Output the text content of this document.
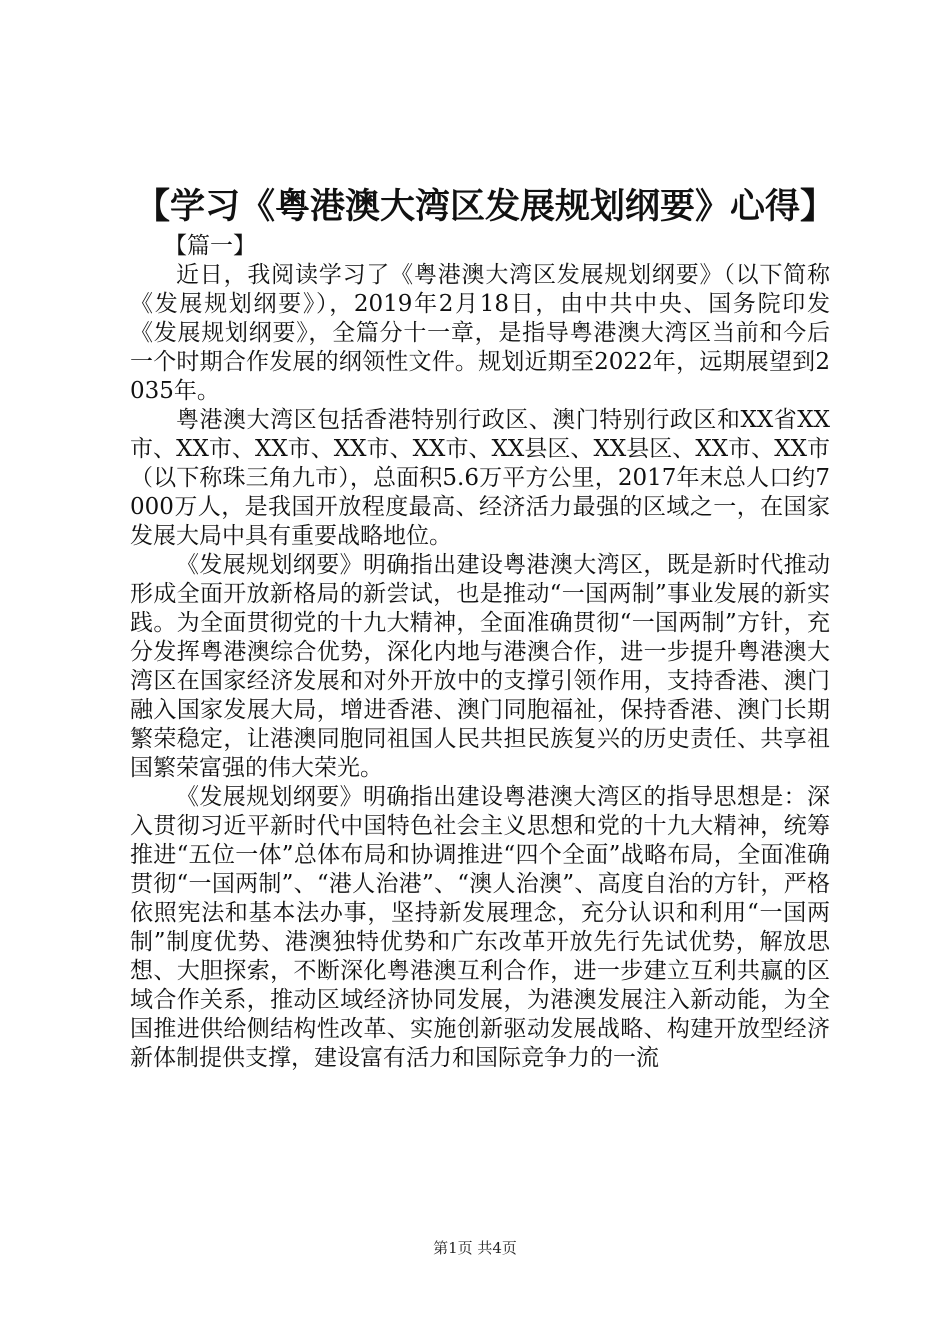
【学习《粤港澳大湾区发展规划纲要》心得】

【篇一】

近日，我阅读学习了《粤港澳大湾区发展规划纲要》（以下简称《发展规划纲要》），2019年2月18日，由中共中央、国务院印发《发展规划纲要》，全篇分十一章，是指导粤港澳大湾区当前和今后一个时期合作发展的纲领性文件。规划近期至2022年，远期展望到2035年。

粤港澳大湾区包括香港特别行政区、澳门特别行政区和XX省XX市、XX市、XX市、XX市、XX市、XX县区、XX县区、XX市、XX市（以下称珠三角九市），总面积5.6万平方公里，2017年末总人口约7000万人，是我国开放程度最高、经济活力最强的区域之一，在国家发展大局中具有重要战略地位。

《发展规划纲要》明确指出建设粤港澳大湾区，既是新时代推动形成全面开放新格局的新尝试，也是推动“一国两制”事业发展的新实践。为全面贯彻党的十九大精神，全面准确贯彻“一国两制”方针，充分发挥粤港澳综合优势，深化内地与港澳合作，进一步提升粤港澳大湾区在国家经济发展和对外开放中的支撑引领作用，支持香港、澳门融入国家发展大局，增进香港、澳门同胞福祉，保持香港、澳门长期繁荣稳定，让港澳同胞同祖国人民共担民族复兴的历史责任、共享祖国繁荣富强的伟大荣光。

《发展规划纲要》明确指出建设粤港澳大湾区的指导思想是：深入贯彻习近平新时代中国特色社会主义思想和党的十九大精神，统筹推进“五位一体”总体布局和协调推进“四个全面”战略布局，全面准确贯彻“一国两制”、“港人治港”、“澳人治澳”、高度自治的方针，严格依照宪法和基本法办事，坚持新发展理念，充分认识和利用“一国两制”制度优势、港澳独特优势和广东改革开放先行先试优势，解放思想、大胆探索，不断深化粤港澳互利合作，进一步建立互利共赢的区域合作关系，推动区域经济协同发展，为港澳发展注入新动能，为全国推进供给侧结构性改革、实施创新驱动发展战略、构建开放型经济新体制提供支撑，建设富有活力和国际竞争力的一流

第1页 共4页
